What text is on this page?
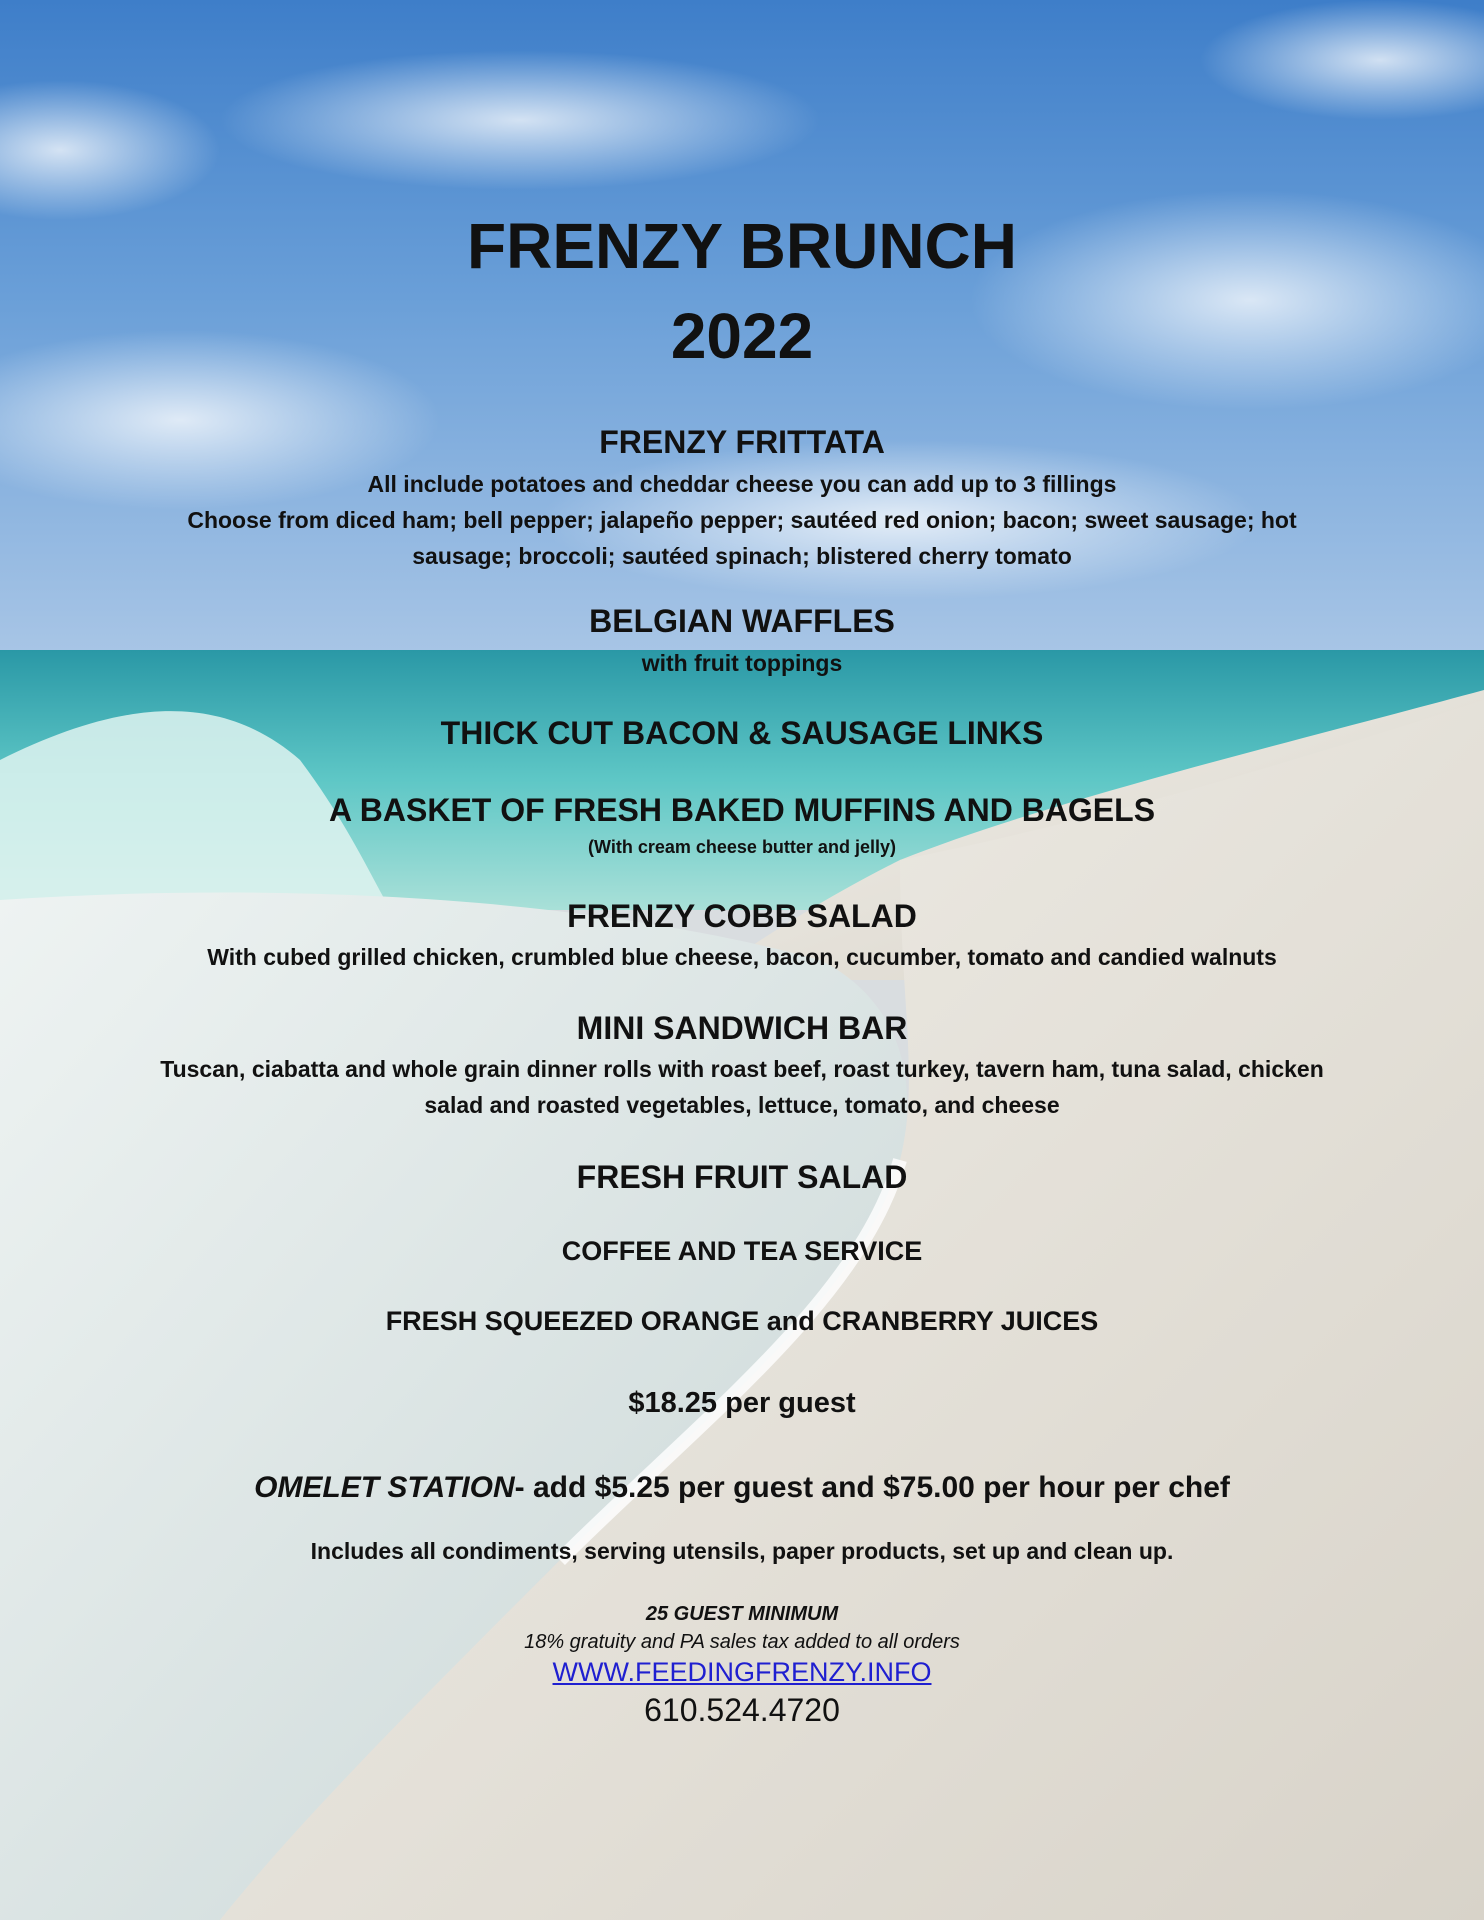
FRENZY BRUNCH
2022
FRENZY FRITTATA
All include potatoes and cheddar cheese you can add up to 3 fillings
Choose from diced ham; bell pepper; jalapeño pepper; sautéed red onion; bacon; sweet sausage; hot
sausage; broccoli; sautéed spinach; blistered cherry tomato
BELGIAN WAFFLES
with fruit toppings
THICK CUT BACON & SAUSAGE LINKS
A BASKET OF FRESH BAKED MUFFINS AND BAGELS
(With cream cheese butter and jelly)
FRENZY COBB SALAD
With cubed grilled chicken, crumbled blue cheese, bacon, cucumber, tomato and candied walnuts
MINI SANDWICH BAR
Tuscan, ciabatta and whole grain dinner rolls with roast beef, roast turkey, tavern ham, tuna salad, chicken
salad and roasted vegetables, lettuce, tomato, and cheese
FRESH FRUIT SALAD
COFFEE AND TEA SERVICE
FRESH SQUEEZED ORANGE and CRANBERRY JUICES
$18.25 per guest
OMELET STATION- add $5.25 per guest and $75.00 per hour per chef
Includes all condiments, serving utensils, paper products, set up and clean up.
25 GUEST MINIMUM
18% gratuity and PA sales tax added to all orders
WWW.FEEDINGFRENZY.INFO
610.524.4720
